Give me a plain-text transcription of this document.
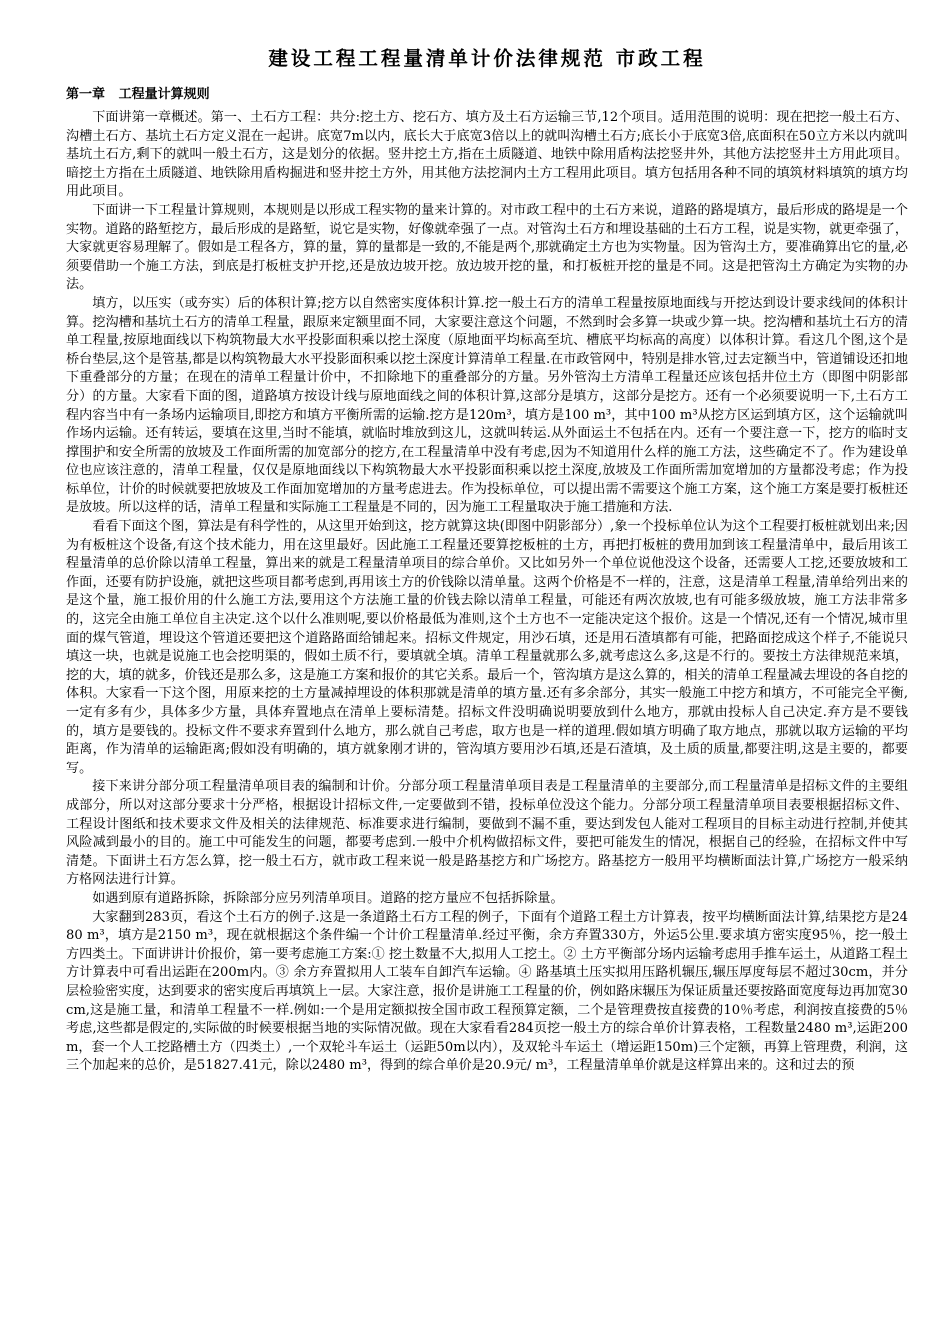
建设工程工程量清单计价法律规范 市政工程
第一章   工程量计算规则

下面讲第一章概述。第一、土石方工程：共分:挖土方、挖石方、填方及土石方运输三节,12个项目。适用范围的说明：现在把挖一般土石方、沟槽土石方、基坑土石方定义混在一起讲。底宽7m以内，底长大于底宽3倍以上的就叫沟槽土石方;底长小于底宽3倍,底面积在50立方米以内就叫基坑土石方,剩下的就叫一般土石方，这是划分的依据。竖井挖土方,指在土质隧道、地铁中除用盾构法挖竖井外，其他方法挖竖井土方用此项目。暗挖土方指在土质隧道、地铁除用盾构掘进和竖井挖土方外，用其他方法挖洞内土方工程用此项目。填方包括用各种不同的填筑材料填筑的填方均用此项目。

下面讲一下工程量计算规则，本规则是以形成工程实物的量来计算的。对市政工程中的土石方来说，道路的路堤填方，最后形成的路堤是一个实物。道路的路堑挖方，最后形成的是路堑，说它是实物，好像就牵强了一点。对管沟土石方和埋设基础的土石方工程，说是实物，就更牵强了，大家就更容易理解了。假如是工程各方，算的量，算的量都是一致的,不能是两个,那就确定土方也为实物量。因为管沟土方，要准确算出它的量,必须要借助一个施工方法，到底是打板桩支护开挖,还是放边坡开挖。放边坡开挖的量，和打板桩开挖的量是不同。这是把管沟土方确定为实物的办法。

填方，以压实（或夯实）后的体积计算;挖方以自然密实度体积计算.挖一般土石方的清单工程量按原地面线与开挖达到设计要求线间的体积计算。挖沟槽和基坑土石方的清单工程量，跟原来定额里面不同，大家要注意这个问题，不然到时会多算一块或少算一块。挖沟槽和基坑土石方的清单工程量,按原地面线以下构筑物最大水平投影面积乘以挖土深度（原地面平均标高至坑、槽底平均标高的高度）以体积计算。看这几个图,这个是桥台垫层,这个是管基,都是以构筑物最大水平投影面积乘以挖土深度计算清单工程量.在市政管网中，特别是排水管,过去定额当中，管道铺设还扣地下重叠部分的方量；在现在的清单工程量计价中，不扣除地下的重叠部分的方量。另外管沟土方清单工程量还应该包括井位土方（即图中阴影部分）的方量。大家看下面的图，道路填方按设计线与原地面线之间的体积计算,这部分是填方，这部分是挖方。还有一个必须要说明一下,土石方工程内容当中有一条场内运输项目,即挖方和填方平衡所需的运输.挖方是120m³，填方是100 m³，其中100 m³从挖方区运到填方区，这个运输就叫作场内运输。还有转运，要填在这里,当时不能填，就临时堆放到这儿，这就叫转运.从外面运土不包括在内。还有一个要注意一下，挖方的临时支撑围护和安全所需的放坡及工作面所需的加宽部分的挖方,在工程量清单中没有考虑,因为不知道用什么样的施工方法，这些确定不了。作为建设单位也应该注意的，清单工程量，仅仅是原地面线以下构筑物最大水平投影面积乘以挖土深度,放坡及工作面所需加宽增加的方量都没考虑；作为投标单位，计价的时候就要把放坡及工作面加宽增加的方量考虑进去。作为投标单位，可以提出需不需要这个施工方案，这个施工方案是要打板桩还是放坡。所以这样的话，清单工程量和实际施工工程量是不同的，因为施工工程量取决于施工措施和方法.

看看下面这个图，算法是有科学性的，从这里开始到这，挖方就算这块(即图中阴影部分）,象一个投标单位认为这个工程要打板桩就划出来;因为有板桩这个设备,有这个技术能力，用在这里最好。因此施工工程量还要算挖板桩的土方，再把打板桩的费用加到该工程量清单中，最后用该工程量清单的总价除以清单工程量，算出来的就是工程量清单项目的综合单价。又比如另外一个单位说他没这个设备，还需要人工挖,还要放坡和工作面，还要有防护设施，就把这些项目都考虑到,再用该土方的价钱除以清单量。这两个价格是不一样的，注意，这是清单工程量,清单给列出来的是这个量，施工报价用的什么施工方法,要用这个方法施工量的价钱去除以清单工程量，可能还有两次放坡,也有可能多级放坡，施工方法非常多的，这完全由施工单位自主决定.这个以什么准则呢,要以价格最低为准则,这个土方也不一定能决定这个报价。这是一个情况,还有一个情况,城市里面的煤气管道，埋设这个管道还要把这个道路路面给铺起来。招标文件规定，用沙石填，还是用石渣填都有可能，把路面挖成这个样子,不能说只填这一块，也就是说施工也会挖明渠的，假如土质不行，要填就全填。清单工程量就那么多,就考虑这么多,这是不行的。要按土方法律规范来填，挖的大，填的就多，价钱还是那么多，这是施工方案和报价的其它关系。最后一个，管沟填方是这么算的，相关的清单工程量减去埋设的各自挖的体积。大家看一下这个图，用原来挖的土方量减掉埋设的体积那就是清单的填方量.还有多余部分，其实一般施工中挖方和填方，不可能完全平衡,一定有多有少，具体多少方量，具体弃置地点在清单上要标清楚。招标文件没明确说明要放到什么地方，那就由投标人自己决定.弃方是不要钱的，填方是要钱的。投标文件不要求弃置到什么地方，那么就自己考虑，取方也是一样的道理.假如填方明确了取方地点，那就以取方运输的平均距离，作为清单的运输距离;假如没有明确的，填方就象刚才讲的，管沟填方要用沙石填,还是石渣填，及土质的质量,都要注明,这是主要的，都要写。

接下来讲分部分项工程量清单项目表的编制和计价。分部分项工程量清单项目表是工程量清单的主要部分,而工程量清单是招标文件的主要组成部分，所以对这部分要求十分严格，根据设计招标文件,一定要做到不错，投标单位没这个能力。分部分项工程量清单项目表要根据招标文件、工程设计图纸和技术要求文件及相关的法律规范、标准要求进行编制，要做到不漏不重，要达到发包人能对工程项目的目标主动进行控制,并使其风险减到最小的目的。施工中可能发生的问题，都要考虑到.一般中介机构做招标文件，要把可能发生的情况，根据自己的经验，在招标文件中写清楚。下面讲土石方怎么算，挖一般土石方，就市政工程来说一般是路基挖方和广场挖方。路基挖方一般用平均横断面法计算,广场挖方一般采纳方格网法进行计算。

如遇到原有道路拆除，拆除部分应另列清单项目。道路的挖方量应不包括拆除量。

大家翻到283页，看这个土石方的例子.这是一条道路土石方工程的例子，下面有个道路工程土方计算表，按平均横断面法计算,结果挖方是2480 m³，填方是2150 m³，现在就根据这个条件编一个计价工程量清单.经过平衡，余方弃置330方，外运5公里.要求填方密实度95％，挖一般土方四类土。下面讲讲计价报价，第一要考虑施工方案:① 挖土数量不大,拟用人工挖土。② 土方平衡部分场内运输考虑用手推车运土，从道路工程土方计算表中可看出运距在200m内。③ 余方弃置拟用人工装车自卸汽车运输。④ 路基填土压实拟用压路机辗压,辗压厚度每层不超过30cm，并分层检验密实度，达到要求的密实度后再填筑上一层。大家注意，报价是讲施工工程量的价，例如路床辗压为保证质量还要按路面宽度每边再加宽30cm,这是施工量，和清单工程量不一样.例如:一个是用定额拟按全国市政工程预算定额，二个是管理费按直接费的10％考虑，利润按直接费的5％考虑,这些都是假定的,实际做的时候要根据当地的实际情况做。现在大家看看284页挖一般土方的综合单价计算表格，工程数量2480 m³,运距200m，套一个人工挖路槽土方（四类土）,一个双轮斗车运土（运距50m以内），及双轮斗车运土（增运距150m)三个定额，再算上管理费，利润，这三个加起来的总价，是51827.41元，除以2480 m³，得到的综合单价是20.9元/ m³，工程量清单单价就是这样算出来的。这和过去的预
